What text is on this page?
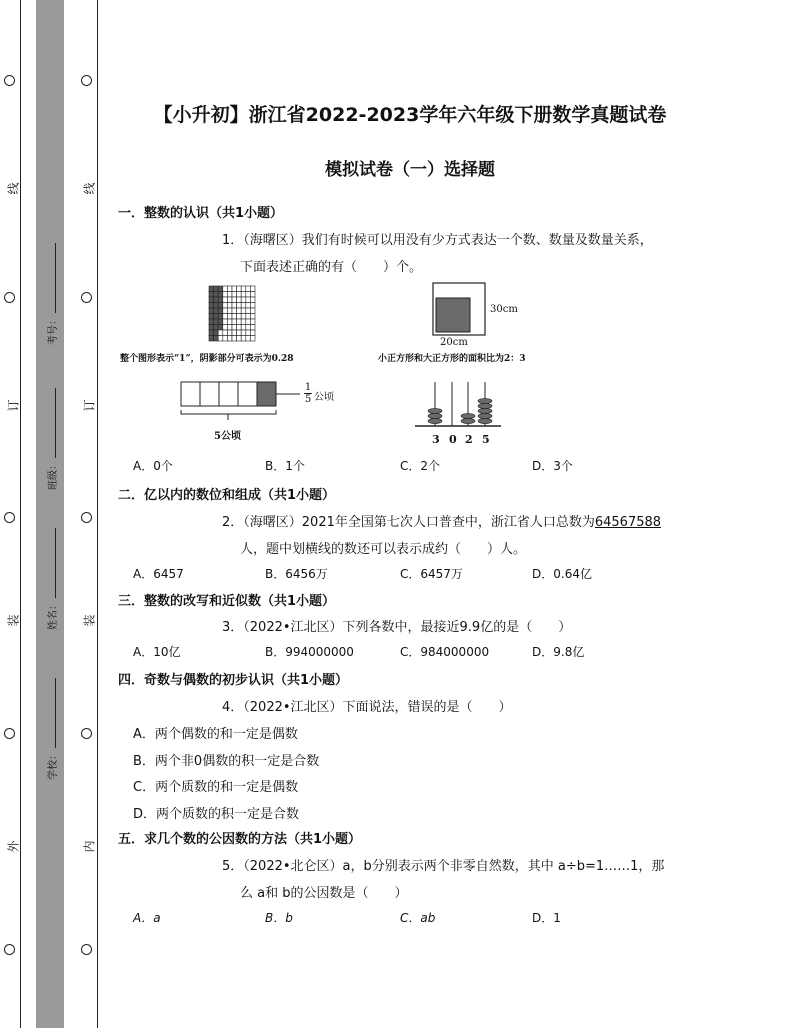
线
订
装
外
线
订
装
内
考号：
班级：
姓名：
学校：
【小升初】浙江省2022-2023学年六年级下册数学真题试卷
模拟试卷（一）选择题
一．整数的认识（共1小题）
1．（海曙区）我们有时候可以用没有少方式表达一个数、数量及数量关系，
下面表述正确的有（　　）个。
整个图形表示“1”，阴影部分可表示为0.28
30cm
20cm
小正方形和大正方形的面积比为2：3
$\frac{1}{5}$ 公顷
5公顷	3 0 2 5
A．0个	B．1个	C．2个	D．3个
二．亿以内的数位和组成（共1小题）
2．（海曙区）2021年全国第七次人口普查中，浙江省人口总数为64567588
人，题中划横线的数还可以表示成约（　　）人。
A．6457	B．6456万	C．6457万	D．0.64亿
三．整数的改写和近似数（共1小题）
3．（2022•江北区）下列各数中，最接近9.9亿的是（　　）
A．10亿	B．994000000	C．984000000	D．9.8亿
四．奇数与偶数的初步认识（共1小题）
4．（2022•江北区）下面说法，错误的是（　　）
A．两个偶数的和一定是偶数
B．两个非0偶数的积一定是合数
C．两个质数的和一定是偶数
D．两个质数的积一定是合数
五．求几个数的公因数的方法（共1小题）
5．（2022•北仑区）a，b分别表示两个非零自然数，其中 a÷b=1……1，那
么 a和 b的公因数是（　　）
A．a	B．b	C．ab	D．1
